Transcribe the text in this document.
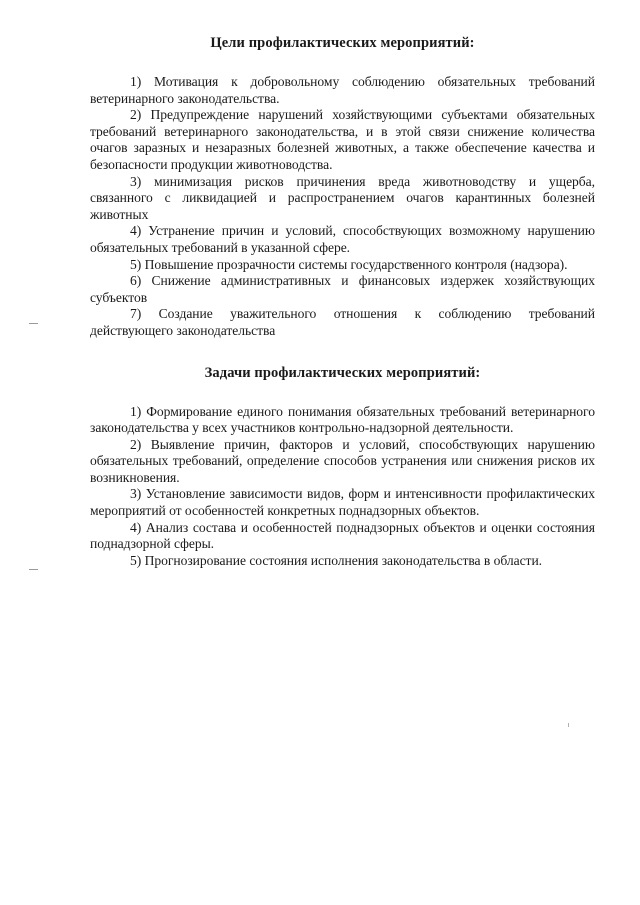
Цели профилактических мероприятий:

1) Мотивация к добровольному соблюдению обязательных требований ветеринарного законодательства.

2) Предупреждение нарушений хозяйствующими субъектами обязательных требований ветеринарного законодательства, и в этой связи снижение количества очагов заразных и незаразных болезней животных, а также обеспечение качества и безопасности продукции животноводства.

3) минимизация рисков причинения вреда животноводству и ущерба, связанного с ликвидацией и распространением очагов карантинных болезней животных

4) Устранение причин и условий, способствующих возможному нарушению обязательных требований в указанной сфере.

5) Повышение прозрачности системы государственного контроля (надзора).

6) Снижение административных и финансовых издержек хозяйствующих субъектов

7) Создание уважительного отношения к соблюдению требований действующего законодательства

Задачи профилактических мероприятий:

1) Формирование единого понимания обязательных требований ветеринарного законодательства у всех участников контрольно-надзорной деятельности.

2) Выявление причин, факторов и условий, способствующих нарушению обязательных требований, определение способов устранения или снижения рисков их возникновения.

3) Установление зависимости видов, форм и интенсивности профилактических мероприятий от особенностей конкретных поднадзорных объектов.

4) Анализ состава и особенностей поднадзорных объектов и оценки состояния поднадзорной сферы.

5) Прогнозирование состояния исполнения законодательства в области.
